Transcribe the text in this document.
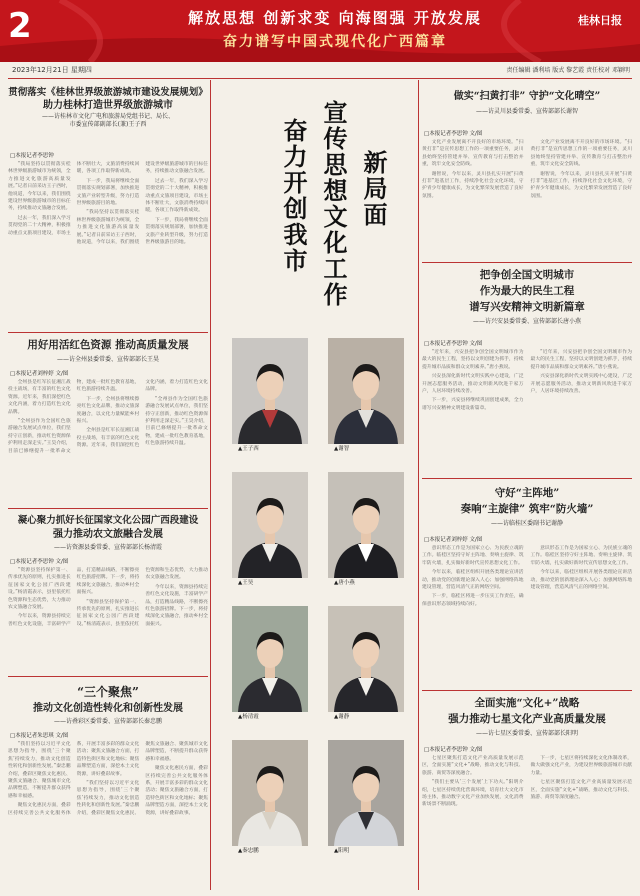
2	解放思想 创新求变 向海图强 开放发展
奋力谱写中国式现代化广西篇章
桂林日报
2023年12月21日 星期四	责任编辑 潘利培 版式 黎艺霞 责任校对 邓颖明
贯彻落实《桂林世界级旅游城市建设发展规划》
助力桂林打造世界级旅游城市
——访桂林市文化广电和旅游局党组书记、局长、
市委宣传部副部长(兼)王子西
□本报记者李思钟

“我局坚持以贯彻落实桂林世界级旅游城市为统领，全力推进文化旅游高质量发展。”记者日前采访王子西时，他说道，今年以来，我们围绕建设世界级旅游城市的目标任务，持续推动文旅融合发展。

过去一年，我们深入学习贯彻党的二十大精神，积极推动重点文旅项目建设，市场主体不断壮大，文旅消费持续回暖，各项工作取得新成效。

下一步，我局将继续全面贯彻落实规划部署，加快推进文旅产业转型升级，努力打造世界级旅游目的地。

“我局坚持以贯彻落实桂林世界级旅游城市为统领，全力推进文化旅游高质量发展。”记者日前采访王子西时，他说道，今年以来，我们围绕建设世界级旅游城市的目标任务，持续推动文旅融合发展。

过去一年，我们深入学习贯彻党的二十大精神，积极推动重点文旅项目建设，市场主体不断壮大，文旅消费持续回暖，各项工作取得新成效。

下一步，我局将继续全面贯彻落实规划部署，加快推进文旅产业转型升级，努力打造世界级旅游目的地。

用好用活红色资源 推动高质量发展
——访全州县委常委、宣传部部长王昊
□本报记者刘梓婷 文/图

全州县是红军长征湘江战役主战场，有丰富的红色文化资源。近年来，我们深挖红色文化内涵，着力打造红色文化品牌。

“全州县作为全国红色旅游融合发展试点单位，我们坚持守正创新，推动红色资源保护利用走深走实。”王昊介绍，目前已修缮提升一批革命文物，建成一批红色教育基地，红色旅游持续升温。

下一步，全州县将继续擦亮红色文化品牌，推动文旅深度融合，以文化力量赋能乡村振兴。

全州县是红军长征湘江战役主战场，有丰富的红色文化资源。近年来，我们深挖红色文化内涵，着力打造红色文化品牌。

“全州县作为全国红色旅游融合发展试点单位，我们坚持守正创新，推动红色资源保护利用走深走实。”王昊介绍，目前已修缮提升一批革命文物，建成一批红色教育基地，红色旅游持续升温。

凝心聚力抓好长征国家文化公园广西段建设
强力推动农文旅融合发展
——访资源县委常委、宣传部部长杨清霞
□本报记者李思钟 文/图

“资源县坚持保护第一、传承优先的原则，扎实推进长征国家文化公园广西段建设。”杨清霞表示，县里依托红色资源和生态优势，大力推动农文旅融合发展。

今年以来，资源县持续完善红色文化设施，丰富研学产品，打造精品线路，不断擦亮红色旅游招牌。下一步，将持续深化文旅融合，推动乡村全面振兴。

“资源县坚持保护第一、传承优先的原则，扎实推进长征国家文化公园广西段建设。”杨清霞表示，县里依托红色资源和生态优势，大力推动农文旅融合发展。

今年以来，资源县持续完善红色文化设施，丰富研学产品，打造精品线路，不断擦亮红色旅游招牌。下一步，将持续深化文旅融合，推动乡村全面振兴。

“三个聚焦”
推动文化创造性转化和创新性发展
——访叠彩区委常委、宣传部部长秦忠鹏
□本报记者朱思琪 文/图

“我们坚持以习近平文化思想为指导，围绕‘三个聚焦’持续发力，推动文化创造性转化和创新性发展。”秦忠鹏介绍，叠彩区聚焦文化惠民、聚焦文旅融合、聚焦城市文化品牌塑造，不断提升群众获得感和幸福感。

聚焦文化惠民方面，叠彩区持续完善公共文化服务体系，开展丰富多彩的群众文化活动；聚焦文旅融合方面，打造特色街区和文化地标；聚焦品牌塑造方面，深挖本土文化资源，讲好叠彩故事。

“我们坚持以习近平文化思想为指导，围绕‘三个聚焦’持续发力，推动文化创造性转化和创新性发展。”秦忠鹏介绍，叠彩区聚焦文化惠民、聚焦文旅融合、聚焦城市文化品牌塑造，不断提升群众获得感和幸福感。

聚焦文化惠民方面，叠彩区持续完善公共文化服务体系，开展丰富多彩的群众文化活动；聚焦文旅融合方面，打造特色街区和文化地标；聚焦品牌塑造方面，深挖本土文化资源，讲好叠彩故事。

新局面
宣传思想文化工作
奋力开创我市
▲王子西	▲谢智
▲王昊	▲唐小燕
▲杨清霞	▲谢静
▲秦忠鹏	▲阳明
做实“扫黄打非” 守护“文化晴空”
——访灵川县委常委、宣传部部长谢智
□本报记者李思钟 文/图

文化产业发展离不开良好的市场环境。“扫黄打非”是宣传思想工作的一项重要任务，灵川县始终坚持管建并举、宣传教育与打击整治并重，筑牢文化安全防线。

谢智说，今年以来，灵川县扎实开展“扫黄打非”进基层工作，持续净化社会文化环境，守护青少年健康成长，为文化繁荣发展营造了良好氛围。

文化产业发展离不开良好的市场环境。“扫黄打非”是宣传思想工作的一项重要任务，灵川县始终坚持管建并举、宣传教育与打击整治并重，筑牢文化安全防线。

谢智说，今年以来，灵川县扎实开展“扫黄打非”进基层工作，持续净化社会文化环境，守护青少年健康成长，为文化繁荣发展营造了良好氛围。

把争创全国文明城市
作为最大的民生工程
谱写兴安精神文明新篇章
——访兴安县委常委、宣传部部长唐小燕
□本报记者李思钟 文/图

“近年来，兴安县把争创全国文明城市作为最大的民生工程，坚持以文明创建为抓手，持续提升城市品质和群众文明素养。”唐小燕说。

兴安县深化新时代文明实践中心建设，广泛开展志愿服务活动，推动文明新风吹进千家万户，人居环境持续改善。

下一步，兴安县将继续巩固创建成果，全力谱写兴安精神文明建设新篇章。

“近年来，兴安县把争创全国文明城市作为最大的民生工程，坚持以文明创建为抓手，持续提升城市品质和群众文明素养。”唐小燕说。

兴安县深化新时代文明实践中心建设，广泛开展志愿服务活动，推动文明新风吹进千家万户，人居环境持续改善。

守好“主阵地”
奏响“主旋律” 筑牢“防火墙”
——访临桂区委副书记谢静
□本报记者刘梓婷 文/图

意识形态工作是为国家立心、为民族立魂的工作。临桂区坚持守好主阵地、奏响主旋律、筑牢防火墙，扎实做好新时代宣传思想文化工作。

今年以来，临桂区组织开展各类理论宣讲活动，推动党的创新理论深入人心；加强网络阵地建设管理，营造风清气正的网络空间。

下一步，临桂区将进一步压实工作责任，确保意识形态领域持续向好。

意识形态工作是为国家立心、为民族立魂的工作。临桂区坚持守好主阵地、奏响主旋律、筑牢防火墙，扎实做好新时代宣传思想文化工作。

今年以来，临桂区组织开展各类理论宣讲活动，推动党的创新理论深入人心；加强网络阵地建设管理，营造风清气正的网络空间。

全面实施“文化+”战略
强力推动七星文化产业高质量发展
——访七星区委常委、宣传部部长阳明
□本报记者李思钟 文/图

七星区聚焦打造文化产业高质量发展示范区，全面实施“文化+”战略，推动文化与科技、旅游、商贸等深度融合。

“我们主要从‘三个发展’上下功夫。”阳明介绍，七星区持续优化营商环境，培育壮大文化市场主体，推动数字文化产业加快发展，文化消费新场景不断涌现。

下一步，七星区将持续深化文化体制改革，做大做强文化产业，为建设世界级旅游城市贡献力量。

七星区聚焦打造文化产业高质量发展示范区，全面实施“文化+”战略，推动文化与科技、旅游、商贸等深度融合。
